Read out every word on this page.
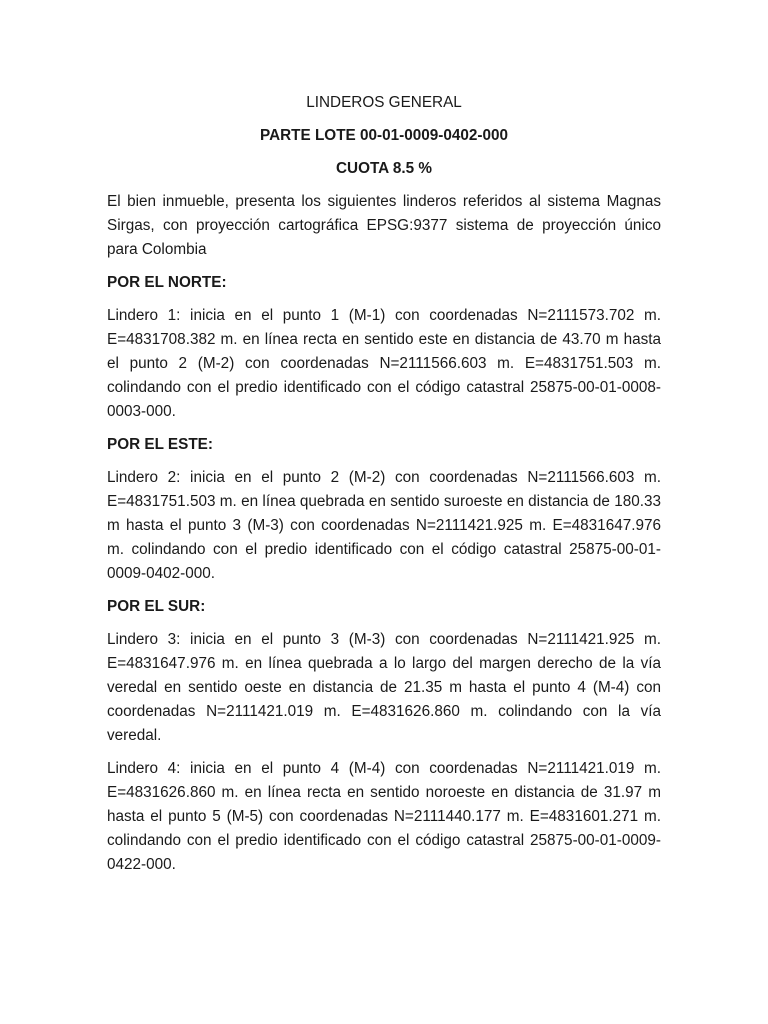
LINDEROS GENERAL

PARTE LOTE 00-01-0009-0402-000

CUOTA 8.5 %

El bien inmueble, presenta los siguientes linderos referidos al sistema Magnas Sirgas, con proyección cartográfica EPSG:9377 sistema de proyección único para Colombia

POR EL NORTE:

Lindero 1: inicia en el punto 1 (M-1) con coordenadas N=2111573.702 m. E=4831708.382 m. en línea recta en sentido este en distancia de 43.70 m hasta el punto 2 (M-2) con coordenadas N=2111566.603 m. E=4831751.503 m. colindando con el predio identificado con el código catastral 25875-00-01-0008-0003-000.

POR EL ESTE:

Lindero 2: inicia en el punto 2 (M-2) con coordenadas N=2111566.603 m. E=4831751.503 m. en línea quebrada en sentido suroeste en distancia de 180.33 m hasta el punto 3 (M-3) con coordenadas N=2111421.925 m. E=4831647.976 m. colindando con el predio identificado con el código catastral 25875-00-01-0009-0402-000.

POR EL SUR:

Lindero 3: inicia en el punto 3 (M-3) con coordenadas N=2111421.925 m. E=4831647.976 m. en línea quebrada a lo largo del margen derecho de la vía veredal en sentido oeste en distancia de 21.35 m hasta el punto 4 (M-4) con coordenadas N=2111421.019 m. E=4831626.860 m. colindando con la vía veredal.

Lindero 4: inicia en el punto 4 (M-4) con coordenadas N=2111421.019 m. E=4831626.860 m. en línea recta en sentido noroeste en distancia de 31.97 m hasta el punto 5 (M-5) con coordenadas N=2111440.177 m. E=4831601.271 m. colindando con el predio identificado con el código catastral 25875-00-01-0009-0422-000.
